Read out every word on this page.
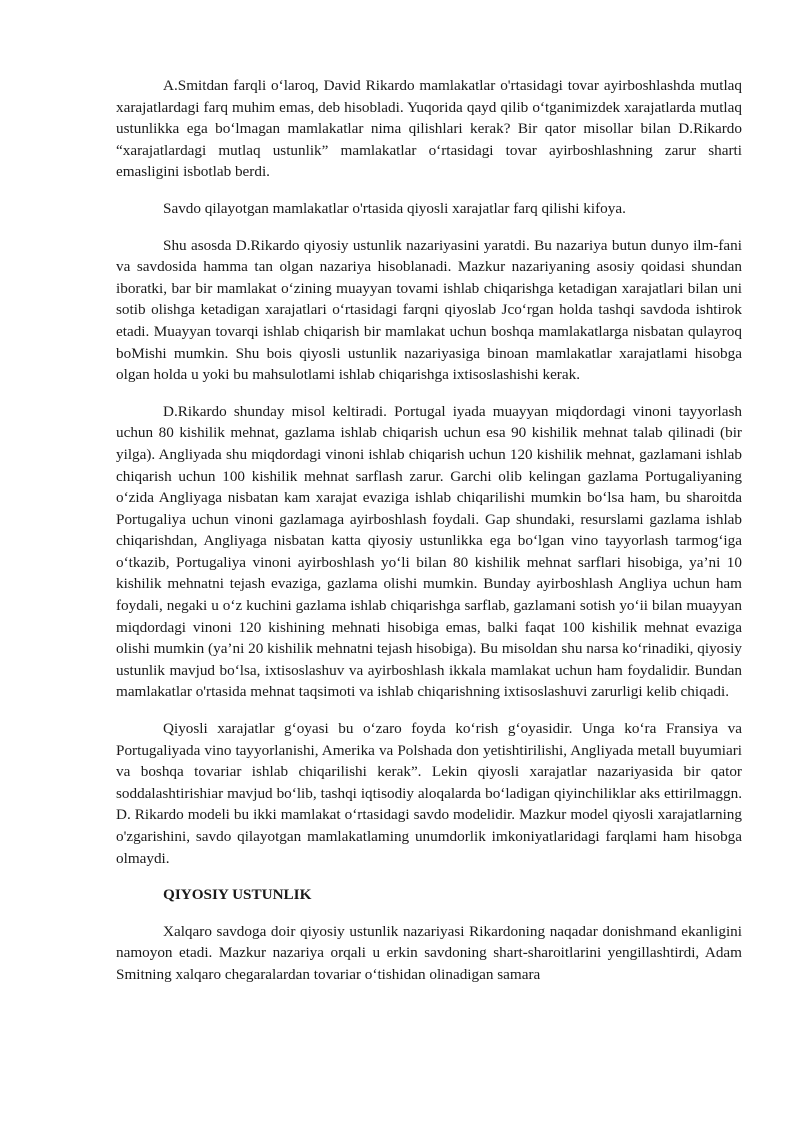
A.Smitdan farqli o‘laroq, David Rikardo mamlakatlar o'rtasidagi tovar ayirboshlashda mutlaq xarajatlardagi farq muhim emas, deb hisobladi. Yuqorida qayd qilib o‘tganimizdek xarajatlarda mutlaq ustunlikka ega bo‘lmagan mamlakatlar nima qilishlari kerak? Bir qator misollar bilan D.Rikardo “xarajatlardagi mutlaq ustunlik” mamlakatlar o‘rtasidagi tovar ayirboshlashning zarur sharti emasligini isbotlab berdi.

Savdo qilayotgan mamlakatlar o'rtasida qiyosli xarajatlar farq qilishi kifoya.

Shu asosda D.Rikardo qiyosiy ustunlik nazariyasini yaratdi. Bu nazariya butun dunyo ilm-fani va savdosida hamma tan olgan nazariya hisoblanadi. Mazkur nazariyaning asosiy qoidasi shundan iboratki, bar bir mamlakat o‘zining muayyan tovami ishlab chiqarishga ketadigan xarajatlari bilan uni sotib olishga ketadigan xarajatlari o‘rtasidagi farqni qiyoslab Jco‘rgan holda tashqi savdoda ishtirok etadi. Muayyan tovarqi ishlab chiqarish bir mamlakat uchun boshqa mamlakatlarga nisbatan qulayroq boMishi mumkin. Shu bois qiyosli ustunlik nazariyasiga binoan mamlakatlar xarajatlami hisobga olgan holda u yoki bu mahsulotlami ishlab chiqarishga ixtisoslashishi kerak.

D.Rikardo shunday misol keltiradi. Portugal iyada muayyan miqdordagi vinoni tayyorlash uchun 80 kishilik mehnat, gazlama ishlab chiqarish uchun esa 90 kishilik mehnat talab qilinadi (bir yilga). Angliyada shu miqdordagi vinoni ishlab chiqarish uchun 120 kishilik mehnat, gazlamani ishlab chiqarish uchun 100 kishilik mehnat sarflash zarur. Garchi olib kelingan gazlama Portugaliyaning o‘zida Angliyaga nisbatan kam xarajat evaziga ishlab chiqarilishi mumkin bo‘lsa ham, bu sharoitda Portugaliya uchun vinoni gazlamaga ayirboshlash foydali. Gap shundaki, resurslami gazlama ishlab chiqarishdan, Angliyaga nisbatan katta qiyosiy ustunlikka ega bo‘lgan vino tayyorlash tarmog‘iga o‘tkazib, Portugaliya vinoni ayirboshlash yo‘li bilan 80 kishilik mehnat sarflari hisobiga, ya’ni 10 kishilik mehnatni tejash evaziga, gazlama olishi mumkin. Bunday ayirboshlash Angliya uchun ham foydali, negaki u o‘z kuchini gazlama ishlab chiqarishga sarflab, gazlamani sotish yo‘ii bilan muayyan miqdordagi vinoni 120 kishining mehnati hisobiga emas, balki faqat 100 kishilik mehnat evaziga olishi mumkin (ya’ni 20 kishilik mehnatni tejash hisobiga). Bu misoldan shu narsa ko‘rinadiki, qiyosiy ustunlik mavjud bo‘lsa, ixtisoslashuv va ayirboshlash ikkala mamlakat uchun ham foydalidir. Bundan mamlakatlar o'rtasida mehnat taqsimoti va ishlab chiqarishning ixtisoslashuvi zarurligi kelib chiqadi.

Qiyosli xarajatlar g‘oyasi bu o‘zaro foyda ko‘rish g‘oyasidir. Unga ko‘ra Fransiya va Portugaliyada vino tayyorlanishi, Amerika va Polshada don yetishtirilishi, Angliyada metall buyumiari va boshqa tovariar ishlab chiqarilishi kerak”. Lekin qiyosli xarajatlar nazariyasida bir qator soddalashtirishiar mavjud bo‘lib, tashqi iqtisodiy aloqalarda bo‘ladigan qiyinchiliklar aks ettirilmaggn. D. Rikardo modeli bu ikki mamlakat o‘rtasidagi savdo modelidir. Mazkur model qiyosli xarajatlarning o'zgarishini, savdo qilayotgan mamlakatlaming unumdorlik imkoniyatlaridagi farqlami ham hisobga olmaydi.

QIYOSIY USTUNLIK

Xalqaro savdoga doir qiyosiy ustunlik nazariyasi Rikardoning naqadar donishmand ekanligini namoyon etadi. Mazkur nazariya orqali u erkin savdoning shart-sharoitlarini yengillashtirdi, Adam Smitning xalqaro chegaralardan tovariar o‘tishidan olinadigan samara
